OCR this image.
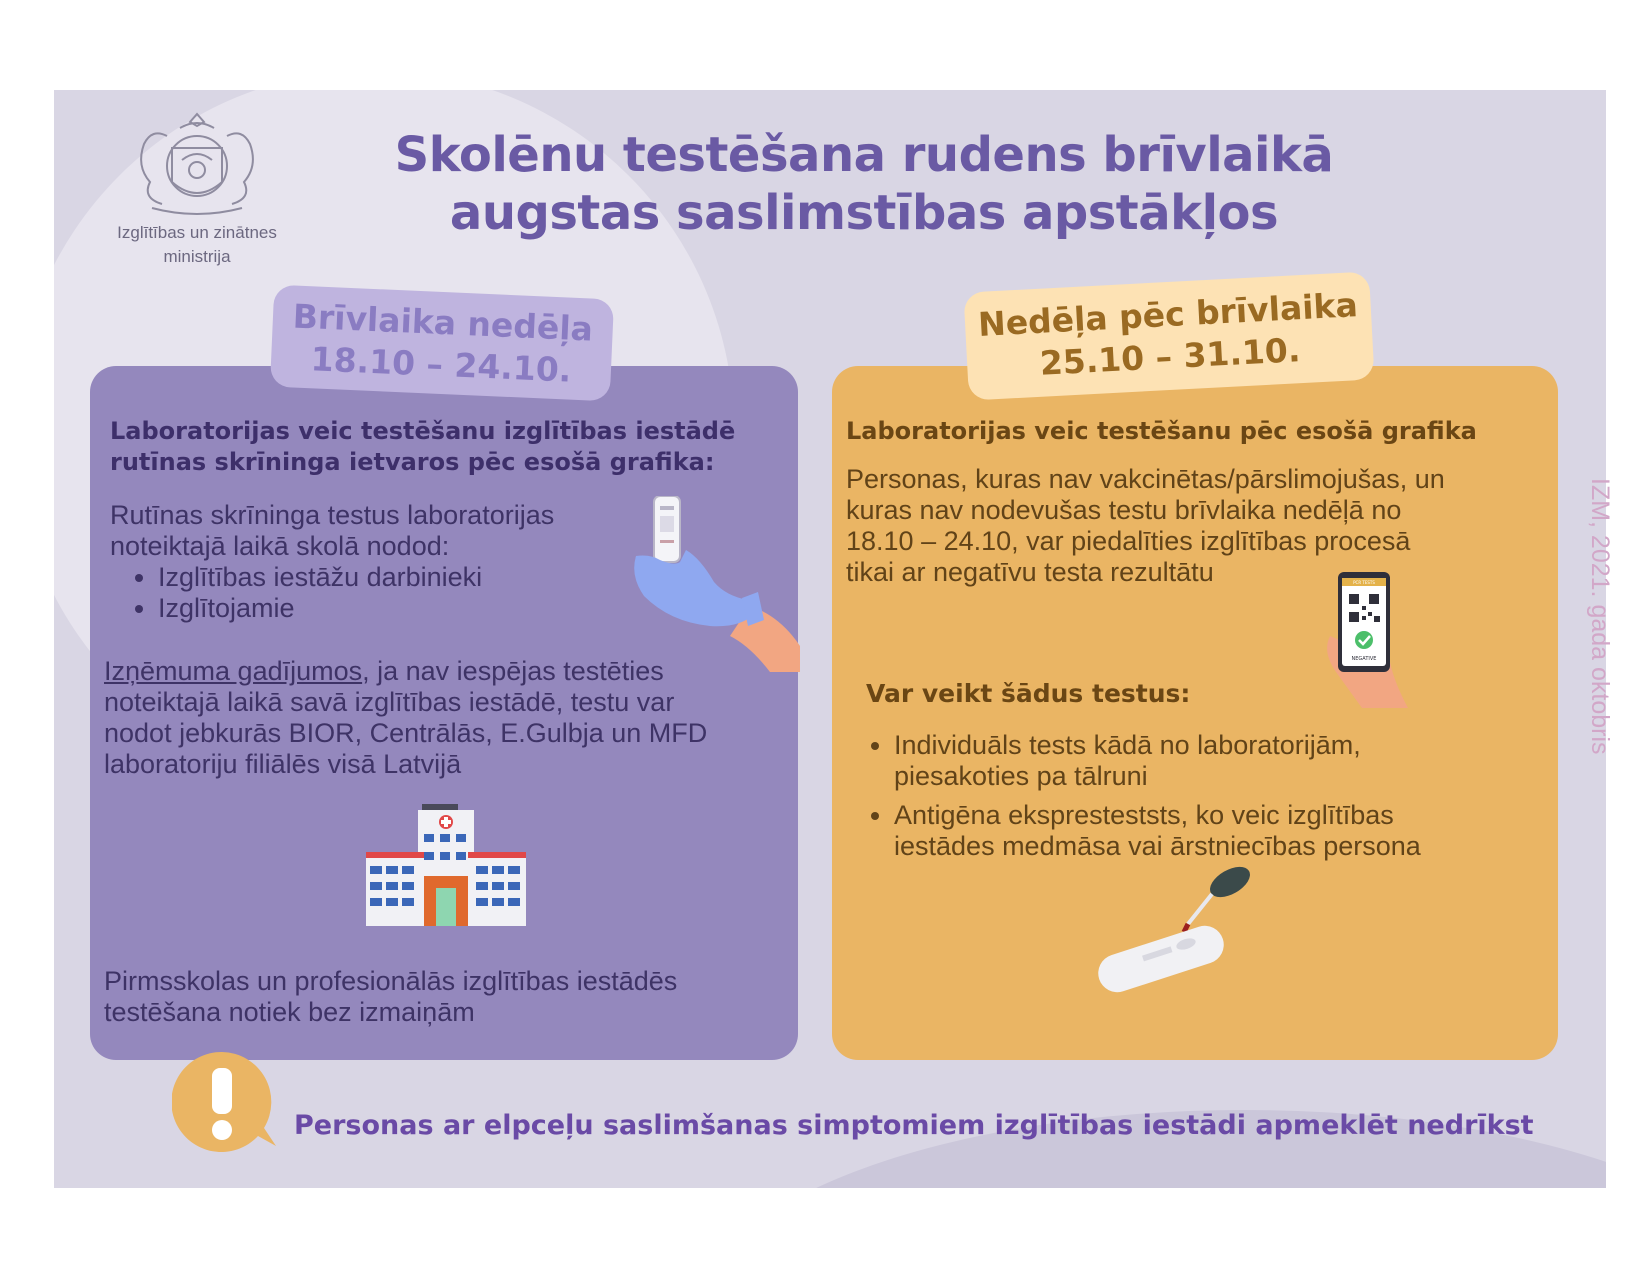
Izglītības un zinātnes
ministrija
Skolēnu testēšana rudens brīvlaikā
augstas saslimstības apstākļos
Laboratorijas veic testēšanu izglītības iestādē
rutīnas skrīninga ietvaros pēc esošā grafika:
Rutīnas skrīninga testus laboratorijas
noteiktajā laikā skolā nodod:
• Izglītības iestāžu darbinieki
• Izglītojamie
Izņēmuma gadījumos, ja nav iespējas testēties
noteiktajā laikā savā izglītības iestādē, testu var
nodot jebkurās BIOR, Centrālās, E.Gulbja un MFD
laboratoriju filiālēs visā Latvijā
Pirmsskolas un profesionālās izglītības iestādēs
testēšana notiek bez izmaiņām
Brīvlaika nedēļa
18.10 – 24.10.
Laboratorijas veic testēšanu pēc esošā grafika
Personas, kuras nav vakcinētas/pārslimojušas, un
kuras nav nodevušas testu brīvlaika nedēļā no
18.10 – 24.10, var piedalīties izglītības procesā
tikai ar negatīvu testa rezultātu	PCR TESTS
NEGATIVE
Var veikt šādus testus:
• Individuāls tests kādā no laboratorijām,
piesakoties pa tālruni
• Antigēna ekspresteststs, ko veic izglītības
iestādes medmāsa vai ārstniecības persona
Nedēļa pēc brīvlaika
25.10 – 31.10.
Personas ar elpceļu saslimšanas simptomiem izglītības iestādi apmeklēt nedrīkst
IZM, 2021. gada oktobris
